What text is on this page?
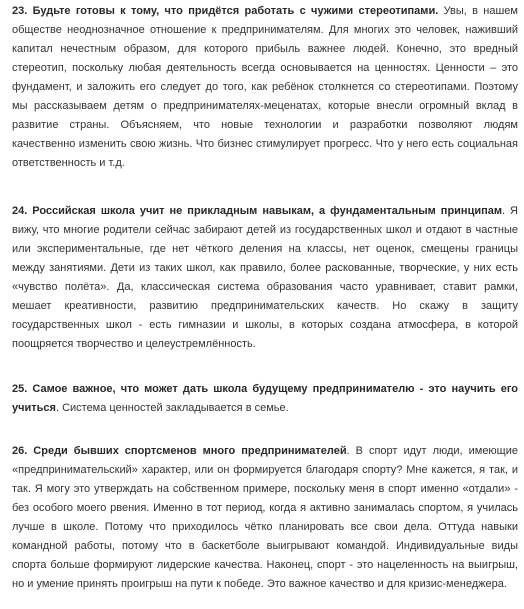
23. Будьте готовы к тому, что придётся работать с чужими стереотипами. Увы, в нашем
обществе неоднозначное отношение к предпринимателям. Для многих это человек, наживший
капитал нечестным образом, для которого прибыль важнее людей. Конечно, это вредный
стереотип, поскольку любая деятельность всегда основывается на ценностях. Ценности – это
фундамент, и заложить его следует до того, как ребёнок столкнется со стереотипами. Поэтому
мы рассказываем детям о предпринимателях-меценатах, которые внесли огромный вклад в
развитие страны. Объясняем, что новые технологии и разработки позволяют людям
качественно изменить свою жизнь. Что бизнес стимулирует прогресс. Что у него есть социальная
ответственность и т.д.
24. Российская школа учит не прикладным навыкам, а фундаментальным принципам. Я
вижу, что многие родители сейчас забирают детей из государственных школ и отдают в частные
или экспериментальные, где нет чёткого деления на классы, нет оценок, смещены границы
между занятиями. Дети из таких школ, как правило, более раскованные, творческие, у них есть
«чувство полёта». Да, классическая система образования часто уравнивает, ставит рамки,
мешает креативности, развитию предпринимательских качеств. Но скажу в защиту
государственных школ - есть гимназии и школы, в которых создана атмосфера, в которой
поощряется творчество и целеустремлённость.
25. Самое важное, что может дать школа будущему предпринимателю - это научить его
учиться. Система ценностей закладывается в семье.
26. Среди бывших спортсменов много предпринимателей. В спорт идут люди, имеющие
«предпринимательский» характер, или он формируется благодаря спорту? Мне кажется, я так, и
так. Я могу это утверждать на собственном примере, поскольку меня в спорт именно «отдали» -
без особого моего рвения. Именно в тот период, когда я активно занималась спортом, я училась
лучше в школе. Потому что приходилось чётко планировать все свои дела. Оттуда навыки
командной работы, потому что в баскетболе выигрывают командой. Индивидуальные виды
спорта больше формируют лидерские качества. Наконец, спорт - это нацеленность на выигрыш,
но и умение принять проигрыш на пути к победе. Это важное качество и для кризис-менеджера.
